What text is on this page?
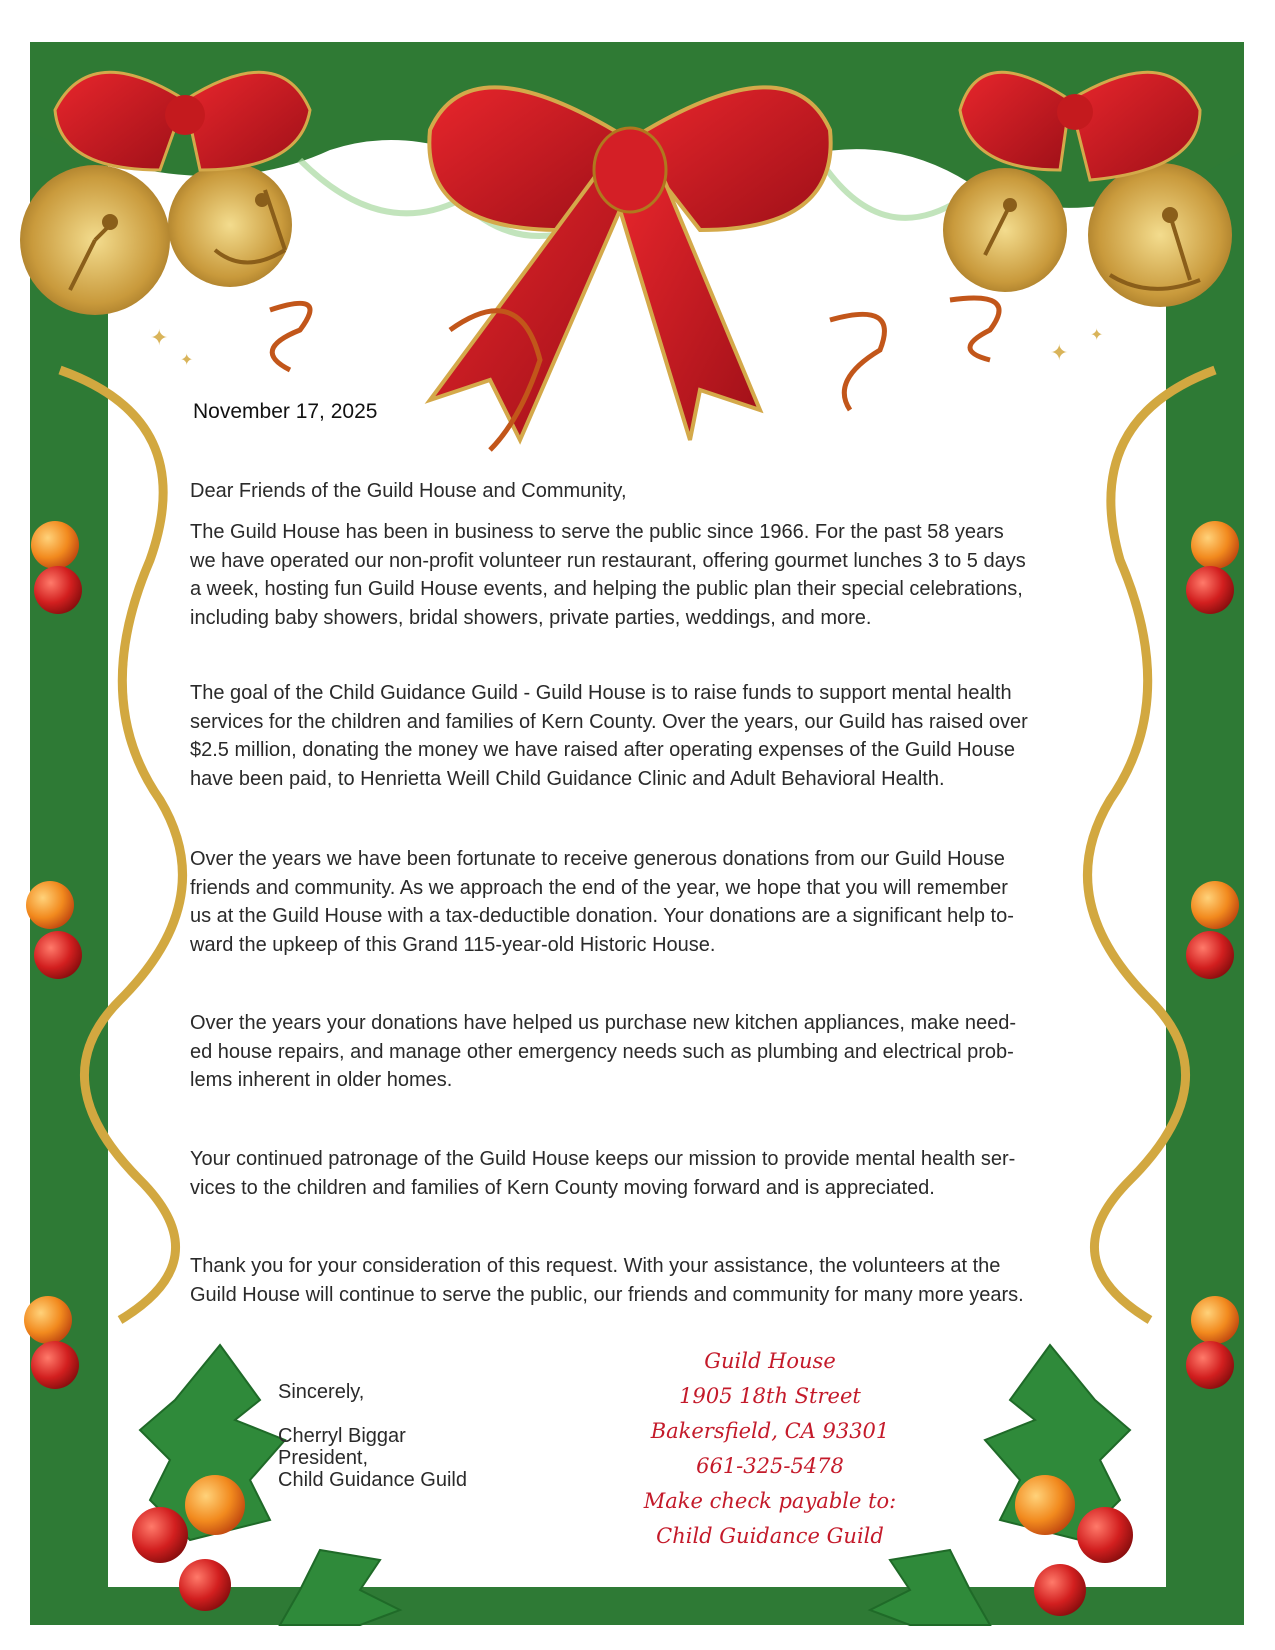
✦
✦	✦
✦
November 17, 2025
Dear Friends of the Guild House and Community,
The Guild House has been in business to serve the public since 1966. For the past 58 years
we have operated our non-profit volunteer run restaurant, offering gourmet lunches 3 to 5 days
a week, hosting fun Guild House events, and helping the public plan their special celebrations,
including baby showers, bridal showers, private parties, weddings, and more.
The goal of the Child Guidance Guild - Guild House is to raise funds to support mental health
services for the children and families of Kern County. Over the years, our Guild has raised over
$2.5 million, donating the money we have raised after operating expenses of the Guild House
have been paid, to Henrietta Weill Child Guidance Clinic and Adult Behavioral Health.
Over the years we have been fortunate to receive generous donations from our Guild House
friends and community. As we approach the end of the year, we hope that you will remember
us at the Guild House with a tax-deductible donation. Your donations are a significant help to-
ward the upkeep of this Grand 115-year-old Historic House.
Over the years your donations have helped us purchase new kitchen appliances, make need-
ed house repairs, and manage other emergency needs such as plumbing and electrical prob-
lems inherent in older homes.
Your continued patronage of the Guild House keeps our mission to provide mental health ser-
vices to the children and families of Kern County moving forward and is appreciated.
Thank you for your consideration of this request. With your assistance, the volunteers at the
Guild House will continue to serve the public, our friends and community for many more years.
Sincerely,
Cherryl Biggar
President,
Child Guidance Guild
Guild House
1905 18th Street
Bakersfield, CA 93301
661-325-5478
Make check payable to:
Child Guidance Guild
